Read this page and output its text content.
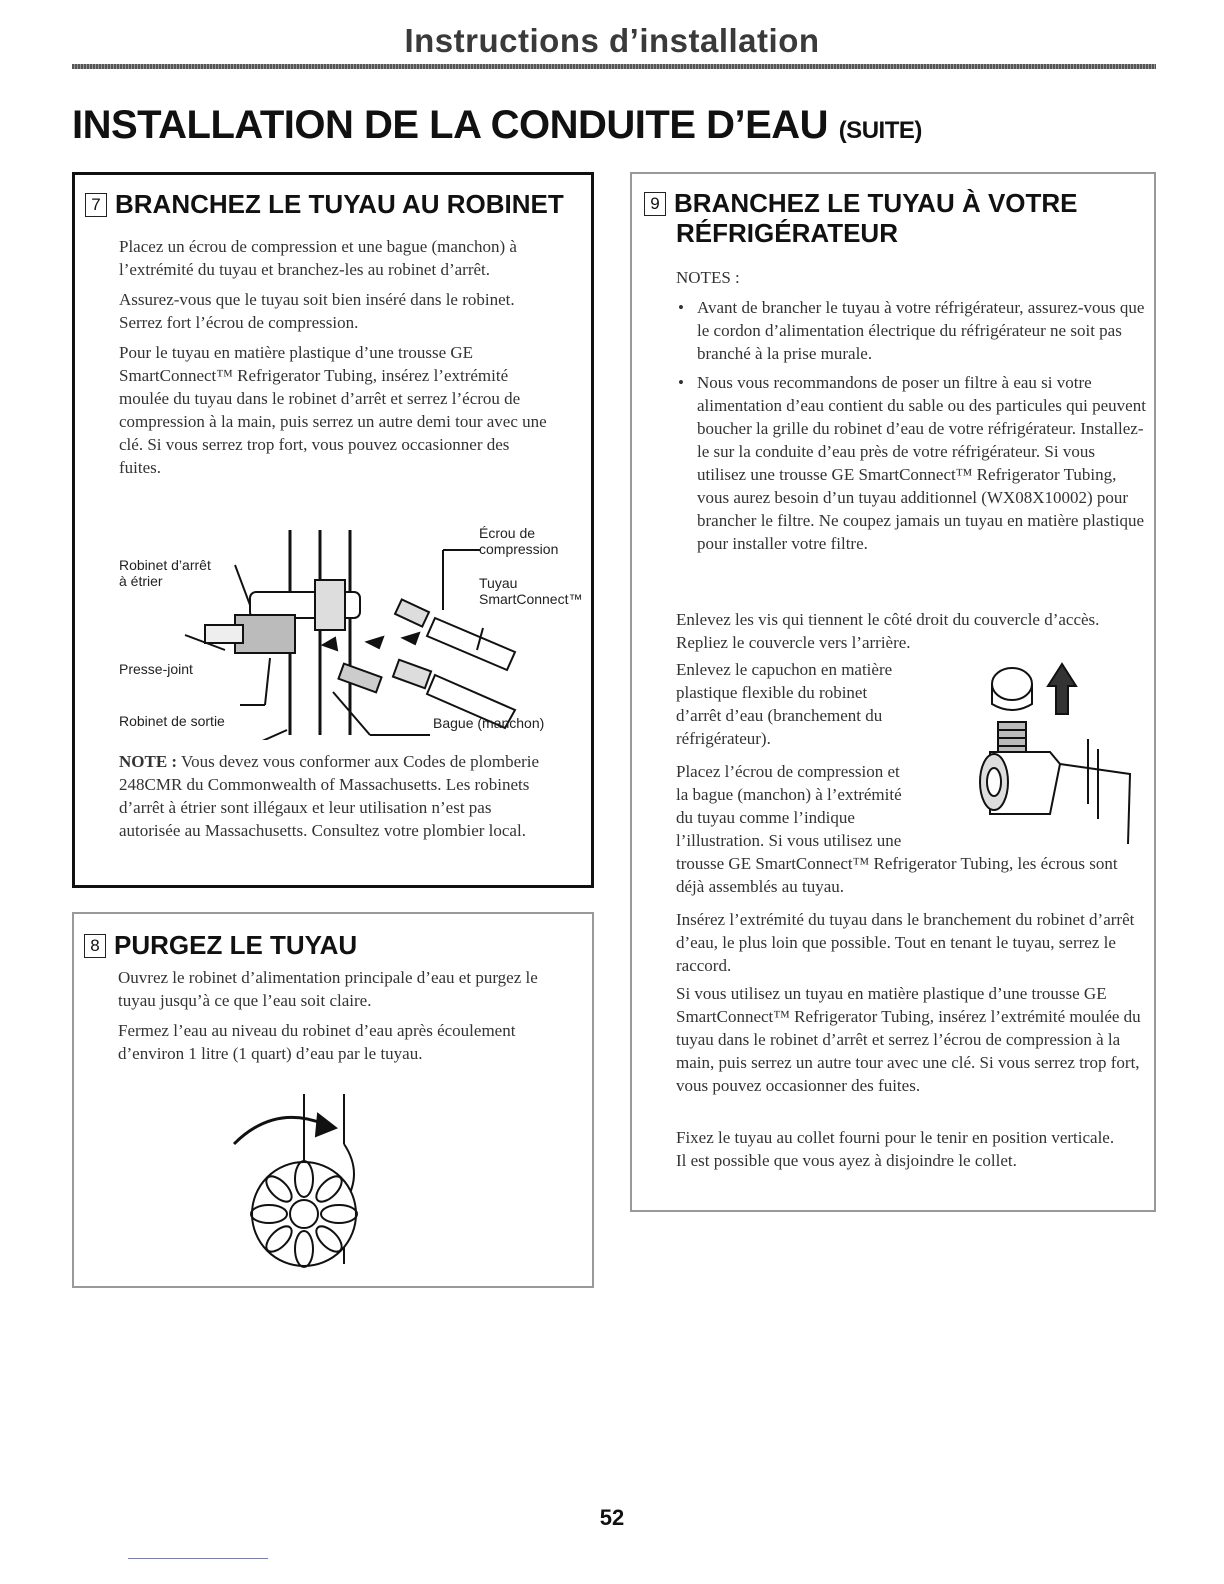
Instructions d’installation
INSTALLATION DE LA CONDUITE D’EAU (SUITE)
7 BRANCHEZ LE TUYAU AU ROBINET

Placez un écrou de compression et une bague (manchon) à l’extrémité du tuyau et branchez-les au robinet d’arrêt.

Assurez-vous que le tuyau soit bien inséré dans le robinet. Serrez fort l’écrou de compression.

Pour le tuyau en matière plastique d’une trousse GE SmartConnect™ Refrigerator Tubing, insérez l’extrémité moulée du tuyau dans le robinet d’arrêt et serrez l’écrou de compression à la main, puis serrez un autre demi tour avec une clé. Si vous serrez trop fort, vous pouvez occasionner des fuites.

Robinet d’arrêt
à étrier
Presse-joint
Robinet de sortie
Écrou de
compression
Tuyau
SmartConnect™
Bague (manchon)
NOTE : Vous devez vous conformer aux Codes de plomberie 248CMR du Commonwealth of Massachusetts. Les robinets d’arrêt à étrier sont illégaux et leur utilisation n’est pas autorisée au Massachusetts. Consultez votre plombier local.
8 PURGEZ LE TUYAU

Ouvrez le robinet d’alimentation principale d’eau et purgez le tuyau jusqu’à ce que l’eau soit claire.

Fermez l’eau au niveau du robinet d’eau après écoulement d’environ 1 litre (1 quart) d’eau par le tuyau.

9 BRANCHEZ LE TUYAU À VOTRE
RÉFRIGÉRATEUR

NOTES :

• Avant de brancher le tuyau à votre réfrigérateur, assurez-vous que le cordon d’alimentation électrique du réfrigérateur ne soit pas branché à la prise murale.
• Nous vous recommandons de poser un filtre à eau si votre alimentation d’eau contient du sable ou des particules qui peuvent boucher la grille du robinet d’eau de votre réfrigérateur. Installez-le sur la conduite d’eau près de votre réfrigérateur. Si vous utilisez une trousse GE SmartConnect™ Refrigerator Tubing, vous aurez besoin d’un tuyau additionnel (WX08X10002) pour brancher le filtre. Ne coupez jamais un tuyau en matière plastique pour installer votre filtre.
Enlevez les vis qui tiennent le côté droit du couvercle d’accès. Repliez le couvercle vers l’arrière.
Enlevez le capuchon en matière
plastique flexible du robinet
d’arrêt d’eau (branchement du
réfrigérateur).
Placez l’écrou de compression et
la bague (manchon) à l’extrémité
du tuyau comme l’indique
l’illustration. Si vous utilisez une
trousse GE SmartConnect™ Refrigerator Tubing, les écrous sont déjà assemblés au tuyau.
Insérez l’extrémité du tuyau dans le branchement du robinet d’arrêt d’eau, le plus loin que possible. Tout en tenant le tuyau, serrez le raccord.
Si vous utilisez un tuyau en matière plastique d’une trousse GE SmartConnect™ Refrigerator Tubing, insérez l’extrémité moulée du tuyau dans le robinet d’arrêt et serrez l’écrou de compression à la main, puis serrez un autre tour avec une clé. Si vous serrez trop fort, vous pouvez occasionner des fuites.
Fixez le tuyau au collet fourni pour le tenir en position verticale. Il est possible que vous ayez à disjoindre le collet.
52
